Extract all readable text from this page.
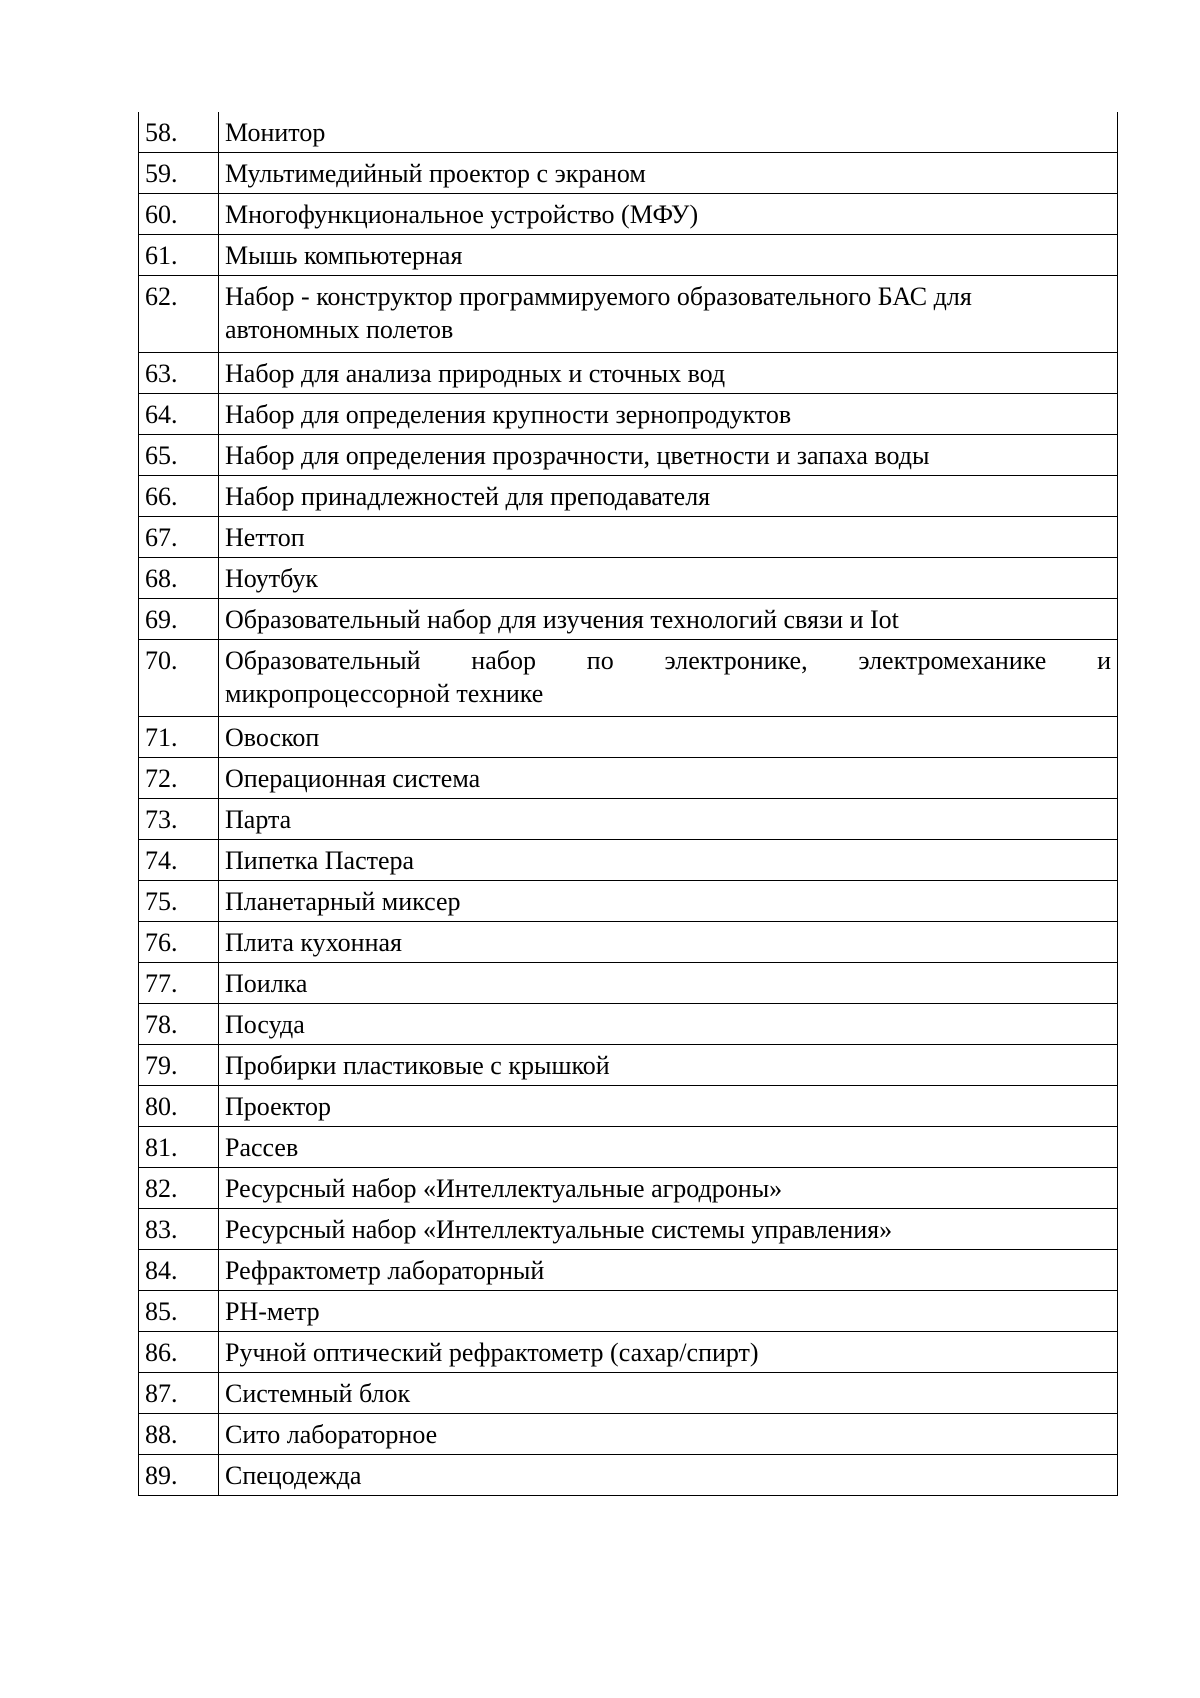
58.	Монитор
59.	Мультимедийный проектор с экраном
60.	Многофункциональное устройство (МФУ)
61.	Мышь компьютерная
62.	Набор - конструктор программируемого образовательного БАС для автономных полетов
63.	Набор для анализа природных и сточных вод
64.	Набор для определения крупности зернопродуктов
65.	Набор для определения прозрачности, цветности и запаха воды
66.	Набор принадлежностей для преподавателя
67.	Неттоп
68.	Ноутбук
69.	Образовательный набор для изучения технологий связи и Iot
70.	Образовательный набор по электронике, электромеханике и
микропроцессорной технике
71.	Овоскоп
72.	Операционная система
73.	Парта
74.	Пипетка Пастера
75.	Планетарный миксер
76.	Плита кухонная
77.	Поилка
78.	Посуда
79.	Пробирки пластиковые с крышкой
80.	Проектор
81.	Рассев
82.	Ресурсный набор «Интеллектуальные агродроны»
83.	Ресурсный набор «Интеллектуальные системы управления»
84.	Рефрактометр лабораторный
85.	PH-метр
86.	Ручной оптический рефрактометр (сахар/спирт)
87.	Системный блок
88.	Сито лабораторное
89.	Спецодежда
